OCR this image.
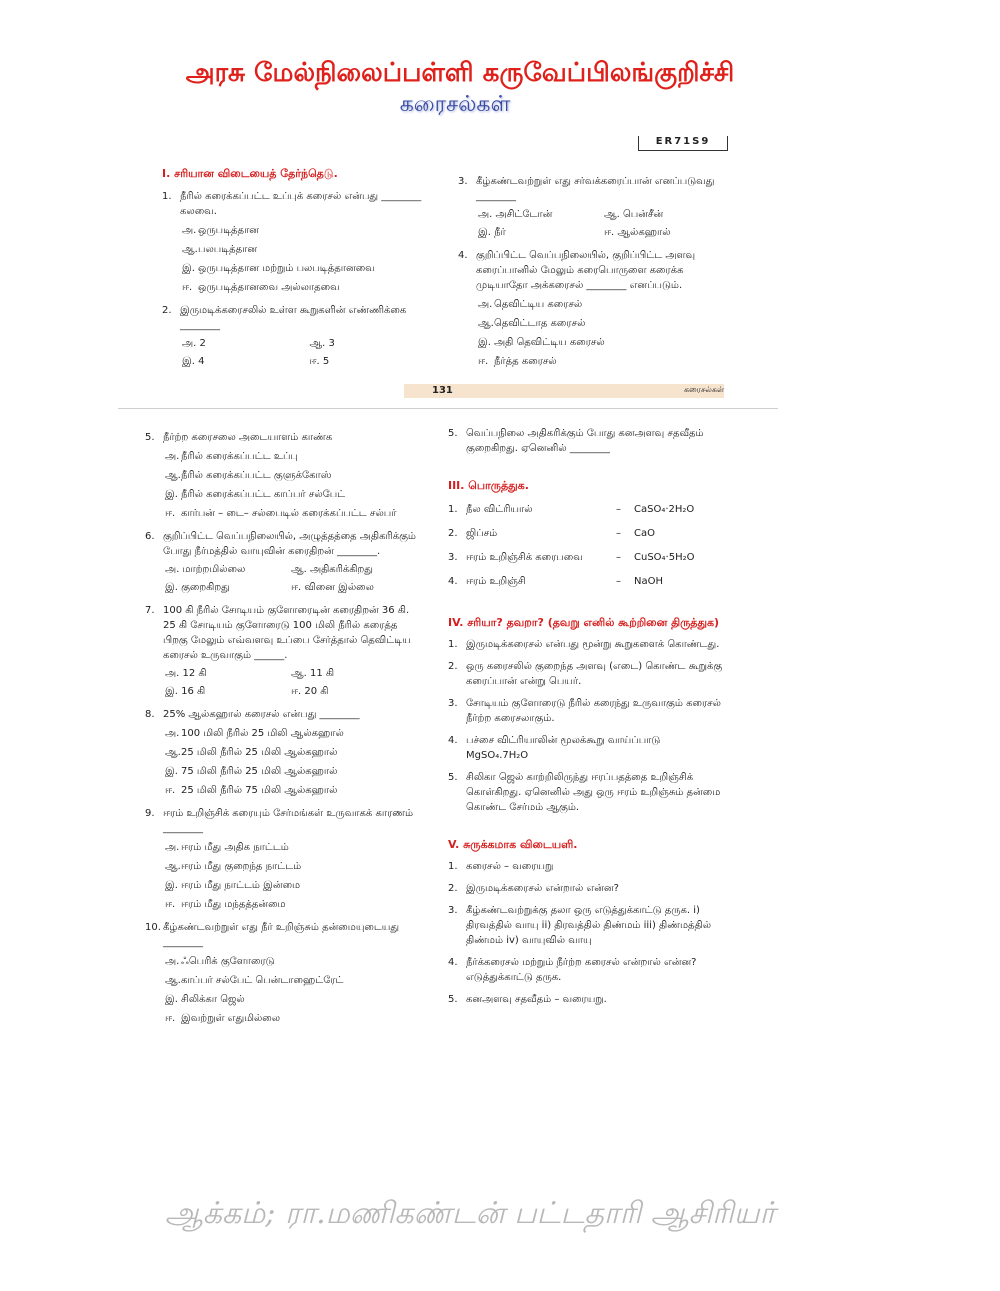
அரசு மேல்நிலைப்பள்ளி கருவேப்பிலங்குறிச்சி
கரைசல்கள்
ER71S9
I. சரியான விடையைத் தேர்ந்தெடு.
1. நீரில் கரைக்கப்பட்ட உப்புக் கரைசல் என்பது ________ கலவை.
அ. ஒருபடித்தான
ஆ. பலபடித்தான
இ. ஒருபடித்தான மற்றும் பலபடித்தானவை
ஈ. ஒருபடித்தானவை அல்லாதவை
2. இருமடிக்கரைசலில் உள்ள கூறுகளின் எண்ணிக்கை ________
அ. 2	ஆ. 3
இ. 4	ஈ. 5
3. கீழ்கண்டவற்றுள் எது சர்வக்கரைப்பான் எனப்படுவது ________
அ. அசிட்டோன்	ஆ. பென்சீன்
இ. நீர்	ஈ. ஆல்கஹால்
4. குறிப்பிட்ட வெப்பநிலையில், குறிப்பிட்ட அளவு கரைப்பானில் மேலும் கரைபொருளை கரைக்க முடியாதோ அக்கரைசல் ________ எனப்படும்.
அ. தெவிட்டிய கரைசல்
ஆ. தெவிட்டாத கரைசல்
இ. அதி தெவிட்டிய கரைசல்
ஈ. நீர்த்த கரைசல்
131	கரைசல்கள்
5. நீர்ற்ற கரைசலை அடையாளம் காண்க
அ. நீரில் கரைக்கப்பட்ட உப்பு
ஆ. நீரில் கரைக்கப்பட்ட குளுக்கோஸ்
இ. நீரில் கரைக்கப்பட்ட காப்பர் சல்பேட்
ஈ. கார்பன் – டை– சல்பைடில் கரைக்கப்பட்ட சல்பர்
6. குறிப்பிட்ட வெப்பநிலையில், அழுத்தத்தை அதிகரிக்கும் போது நீர்மத்தில் வாயுவின் கரைதிறன் ________.
அ. மாற்றமில்லை	ஆ. அதிகரிக்கிறது
இ. குறைகிறது	ஈ. வினை இல்லை
7. 100 கி நீரில் சோடியம் குளோரைடின் கரைதிறன் 36 கி. 25 கி சோடியம் குளோரைடு 100 மிலி நீரில் கரைத்த பிறகு மேலும் எவ்வளவு உப்பை சேர்த்தால் தெவிட்டிய கரைசல் உருவாகும் ______.
அ. 12 கி	ஆ. 11 கி
இ. 16 கி	ஈ. 20 கி
8. 25% ஆல்கஹால் கரைசல் என்பது ________
அ. 100 மிலி நீரில் 25 மிலி ஆல்கஹால்
ஆ. 25 மிலி நீரில் 25 மிலி ஆல்கஹால்
இ. 75 மிலி நீரில் 25 மிலி ஆல்கஹால்
ஈ. 25 மிலி நீரில் 75 மிலி ஆல்கஹால்
9. ஈரம் உறிஞ்சிக் கரையும் சேர்மங்கள் உருவாகக் காரணம் ________
அ. ஈரம் மீது அதிக நாட்டம்
ஆ. ஈரம் மீது குறைந்த நாட்டம்
இ. ஈரம் மீது நாட்டம் இன்மை
ஈ. ஈரம் மீது மந்தத்தன்மை
10. கீழ்கண்டவற்றுள் எது நீர் உறிஞ்சும் தன்மையுடையது ________
அ. ஃபெரிக் குளோரைடு
ஆ. காப்பர் சல்பேட் பென்டாஹைட்ரேட்
இ. சிலிக்கா ஜெல்
ஈ. இவற்றுள் எதுமில்லை
5. வெப்பநிலை அதிகரிக்கும் போது கனஅளவு சதவீதம் குறைகிறது. ஏனெனில் ________
III. பொருத்துக.
1. நீல விட்ரியால்	–	CaSO₄·2H₂O
2. ஜிப்சம்	–	CaO
3. ஈரம் உறிஞ்சிக் கரைபவை	–	CuSO₄·5H₂O
4. ஈரம் உறிஞ்சி	–	NaOH
IV. சரியா? தவறா? (தவறு எனில் கூற்றினை திருத்துக)
1. இருமடிக்கரைசல் என்பது மூன்று கூறுகளைக் கொண்டது.
2. ஒரு கரைசலில் குறைந்த அளவு (எடை) கொண்ட கூறுக்கு கரைப்பான் என்று பெயர்.
3. சோடியம் குளோரைடு நீரில் கரைந்து உருவாகும் கரைசல் நீர்ற்ற கரைசலாகும்.
4. பச்சை விட்ரியாலின் மூலக்கூறு வாய்ப்பாடு MgSO₄.7H₂O
5. சிலிகா ஜெல் காற்றிலிருந்து ஈரப்பதத்தை உறிஞ்சிக் கொள்கிறது. ஏனெனில் அது ஒரு ஈரம் உறிஞ்சும் தன்மை கொண்ட சேர்மம் ஆகும்.
V. சுருக்கமாக விடையளி.
1. கரைசல் – வரையறு
2. இருமடிக்கரைசல் என்றால் என்ன?
3. கீழ்கண்டவற்றுக்கு தலா ஒரு எடுத்துக்காட்டு தருக. i) திரவத்தில் வாயு ii) திரவத்தில் திண்மம் iii) திண்மத்தில் திண்மம் iv) வாயுவில் வாயு
4. நீர்க்கரைசல் மற்றும் நீர்ற்ற கரைசல் என்றால் என்ன? எடுத்துக்காட்டு தருக.
5. கனஅளவு சதவீதம் – வரையறு.
ஆக்கம்; ரா.மணிகண்டன் பட்டதாரி ஆசிரியர்
